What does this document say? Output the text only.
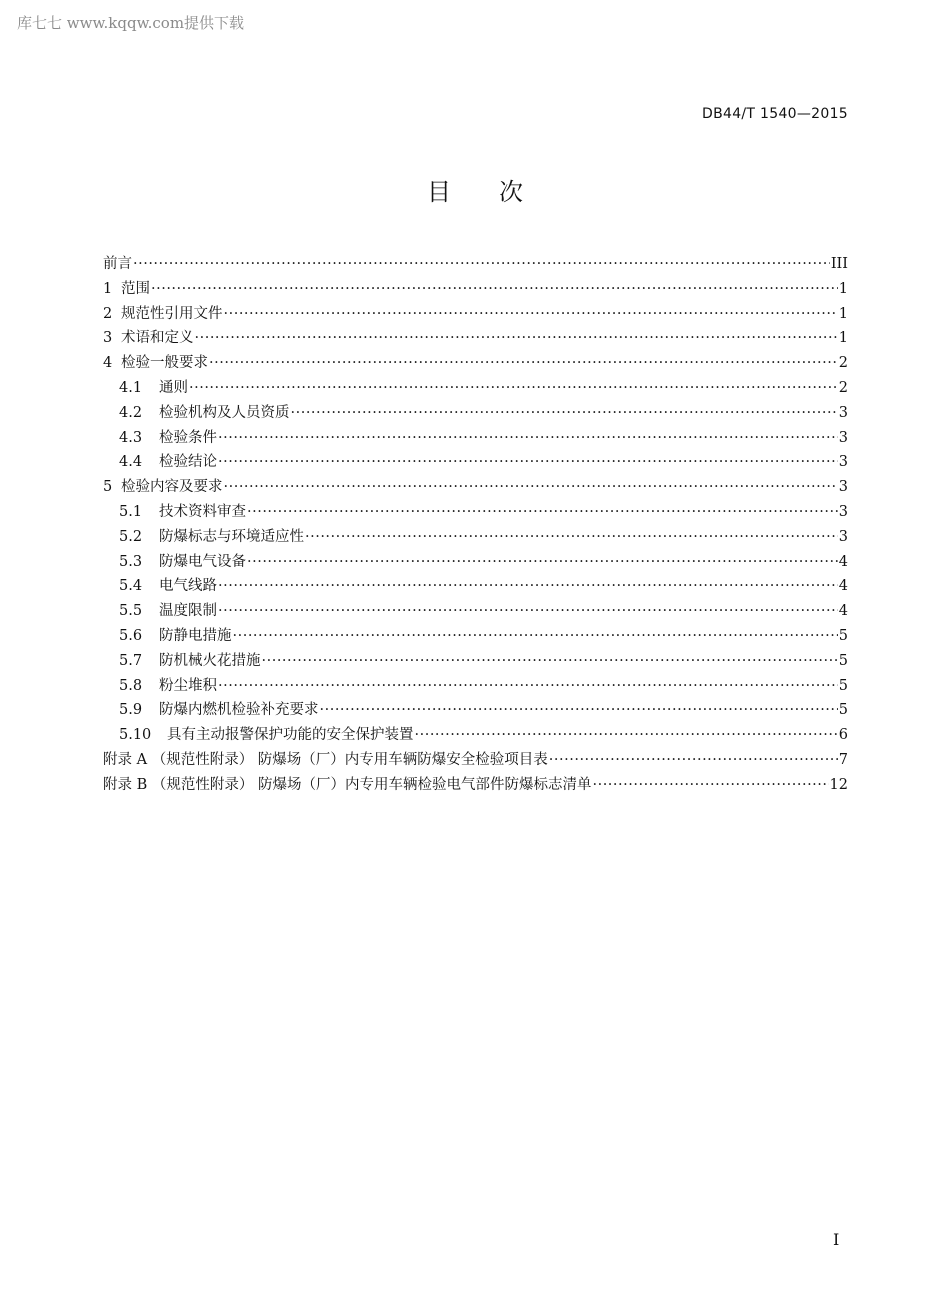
库七七 www.kqqw.com提供下载
DB44/T 1540—2015
目次
前言 ·····	III
1 范围 ·····	1
2 规范性引用文件 ·····	1
3 术语和定义 ·····	1
4 检验一般要求 ·····	2
4.1	通则 ·····	2
4.2	检验机构及人员资质 ·····	3
4.3	检验条件 ·····	3
4.4	检验结论 ·····	3
5 检验内容及要求 ·····	3
5.1	技术资料审查 ·····	3
5.2	防爆标志与环境适应性 ·····	3
5.3	防爆电气设备 ·····	4
5.4	电气线路 ·····	4
5.5	温度限制 ·····	4
5.6	防静电措施 ·····	5
5.7	防机械火花措施 ·····	5
5.8	粉尘堆积 ·····	5
5.9	防爆内燃机检验补充要求 ·····	5
5.10	具有主动报警保护功能的安全保护装置 ·····	6
附录 A （规范性附录） 防爆场（厂）内专用车辆防爆安全检验项目表 ·····	7
附录 B （规范性附录） 防爆场（厂）内专用车辆检验电气部件防爆标志清单 ·····	12
I
